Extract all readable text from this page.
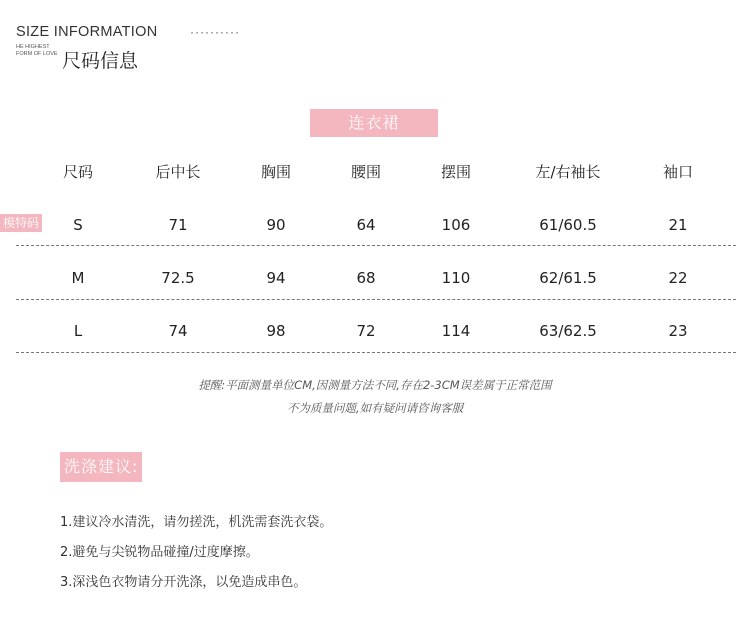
SIZE INFORMATION	··········
HE HIGHEST
FORM OF LOVE 尺码信息
连衣裙
模特码
尺码	后中长	胸围	腰围	摆围	左/右袖长	袖口
S	71	90	64	106	61/60.5	21
M	72.5	94	68	110	62/61.5	22
L	74	98	72	114	63/62.5	23
提醒:平面测量单位CM,因测量方法不同,存在2-3CM误差属于正常范围
不为质量问题,如有疑问请咨询客服
洗涤建议:
1.建议冷水清洗，请勿搓洗，机洗需套洗衣袋。
2.避免与尖锐物品碰撞/过度摩擦。
3.深浅色衣物请分开洗涤，以免造成串色。
